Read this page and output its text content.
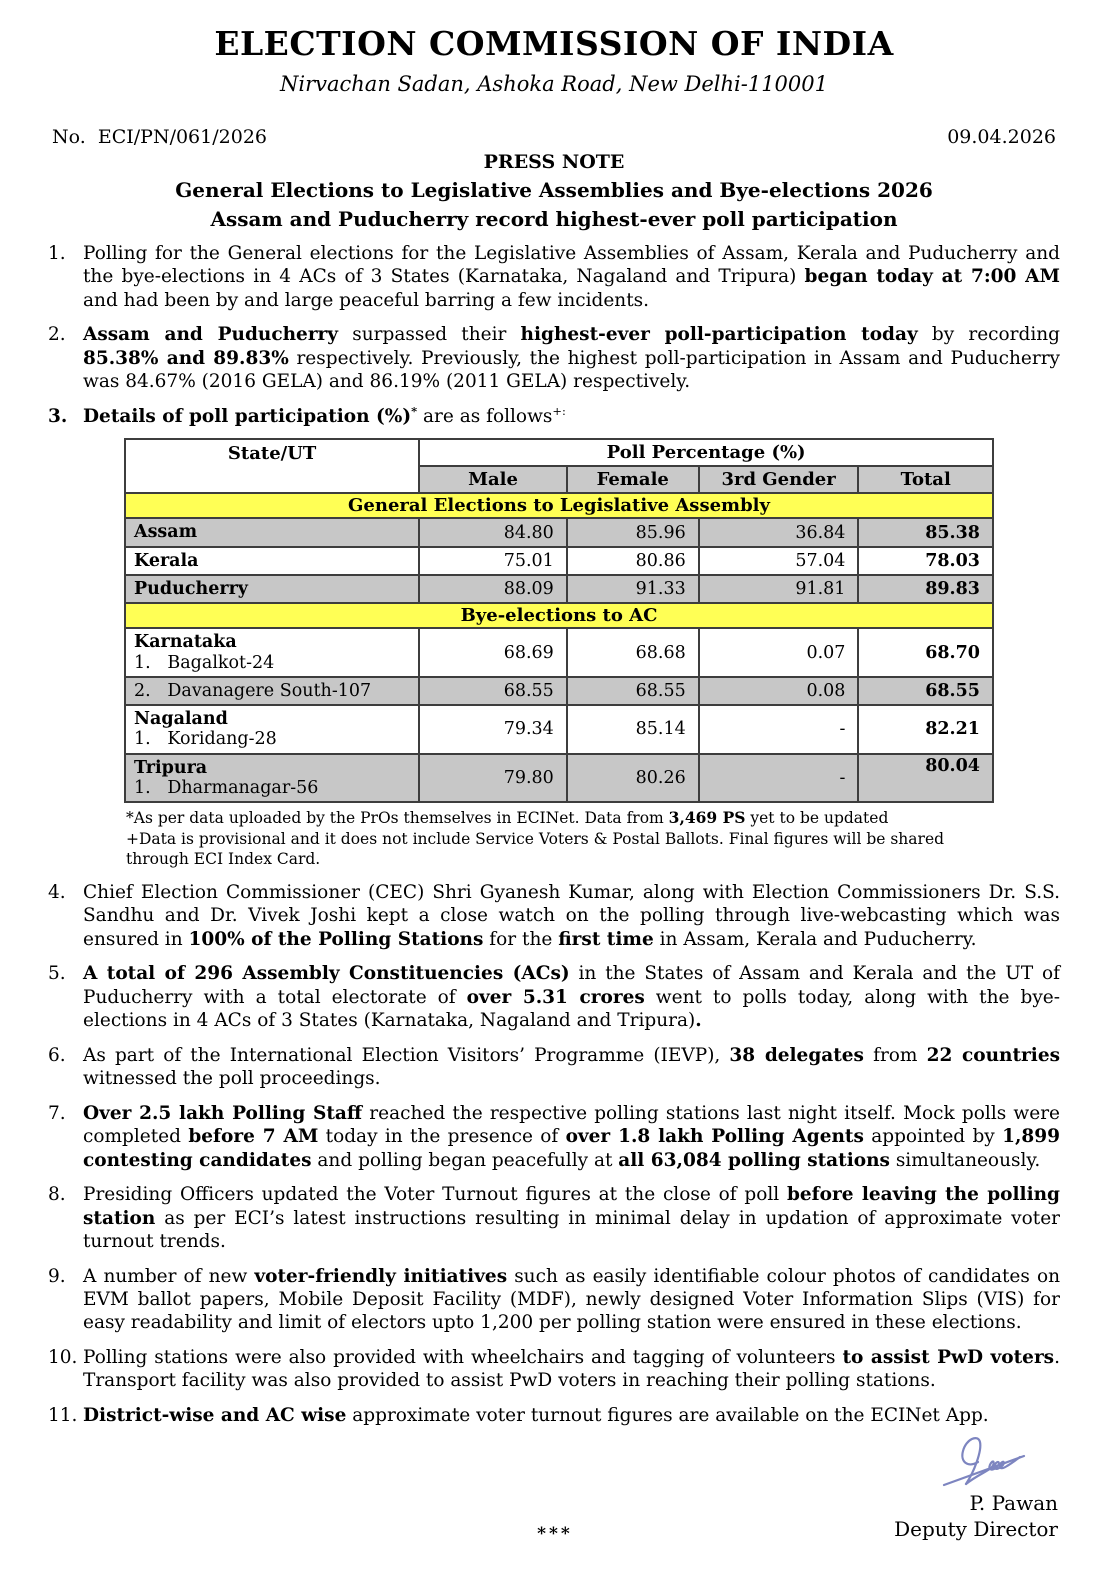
ELECTION COMMISSION OF INDIA
Nirvachan Sadan, Ashoka Road, New Delhi-110001
No.  ECI/PN/061/2026	09.04.2026
PRESS NOTE
General Elections to Legislative Assemblies and Bye-elections 2026
Assam and Puducherry record highest-ever poll participation
1. Polling for the General elections for the Legislative Assemblies of Assam, Kerala and Puducherry and the bye-elections in 4 ACs of 3 States (Karnataka, Nagaland and Tripura) began today at 7:00 AM and had been by and large peaceful barring a few incidents.
2. Assam and Puducherry surpassed their highest-ever poll-participation today by recording 85.38% and 89.83% respectively. Previously, the highest poll-participation in Assam and Puducherry was 84.67% (2016 GELA) and 86.19% (2011 GELA) respectively.
3. Details of poll participation (%)* are as follows+:
State/UT	Poll Percentage (%)			
	Male	Female	3rd Gender	Total
General Elections to Legislative Assembly				

Assam	84.80	85.96	36.84	85.38

Kerala	75.01	80.86	57.04	78.03

Puducherry	88.09	91.33	91.81	89.83
Bye-elections to AC				

Karnataka
1.   Bagalkot-24	68.69	68.68	0.07	68.70

2.   Davanagere South-107	68.55	68.55	0.08	68.55

Nagaland
1.   Koridang-28	79.34	85.14	-	82.21

Tripura
1.   Dharmanagar-56	79.80	80.26	-	80.04
*As per data uploaded by the PrOs themselves in ECINet. Data from 3,469 PS yet to be updated
+Data is provisional and it does not include Service Voters & Postal Ballots. Final figures will be shared through ECI Index Card.
4. Chief Election Commissioner (CEC) Shri Gyanesh Kumar, along with Election Commissioners Dr. S.S. Sandhu and Dr. Vivek Joshi kept a close watch on the polling through live-webcasting which was ensured in 100% of the Polling Stations for the first time in Assam, Kerala and Puducherry.
5. A total of 296 Assembly Constituencies (ACs) in the States of Assam and Kerala and the UT of Puducherry with a total electorate of over 5.31 crores went to polls today, along with the bye-elections in 4 ACs of 3 States (Karnataka, Nagaland and Tripura).
6. As part of the International Election Visitors’ Programme (IEVP), 38 delegates from 22 countries witnessed the poll proceedings.
7. Over 2.5 lakh Polling Staff reached the respective polling stations last night itself. Mock polls were completed before 7 AM today in the presence of over 1.8 lakh Polling Agents appointed by 1,899 contesting candidates and polling began peacefully at all 63,084 polling stations simultaneously.
8. Presiding Officers updated the Voter Turnout figures at the close of poll before leaving the polling station as per ECI’s latest instructions resulting in minimal delay in updation of approximate voter turnout trends.
9. A number of new voter-friendly initiatives such as easily identifiable colour photos of candidates on EVM ballot papers, Mobile Deposit Facility (MDF), newly designed Voter Information Slips (VIS) for easy readability and limit of electors upto 1,200 per polling station were ensured in these elections.
10. Polling stations were also provided with wheelchairs and tagging of volunteers to assist PwD voters. Transport facility was also provided to assist PwD voters in reaching their polling stations.
11. District-wise and AC wise approximate voter turnout figures are available on the ECINet App.
P. Pawan
Deputy Director
***
